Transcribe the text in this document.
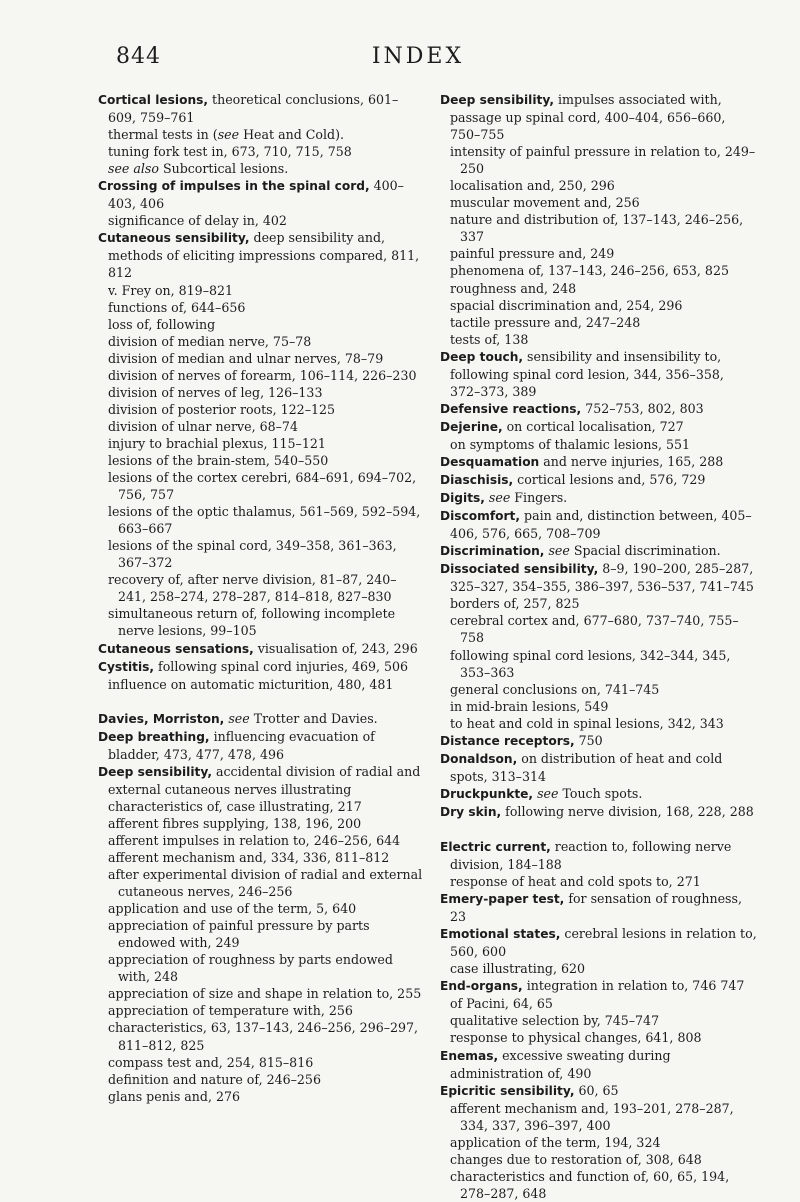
844	INDEX
Cortical lesions, theoretical conclusions, 601–609, 759–761
thermal tests in (see Heat and Cold).
tuning fork test in, 673, 710, 715, 758
see also Subcortical lesions.
Crossing of impulses in the spinal cord, 400–403, 406
significance of delay in, 402
Cutaneous sensibility, deep sensibility and, methods of eliciting impressions compared, 811, 812
v. Frey on, 819–821
functions of, 644–656
loss of, following
division of median nerve, 75–78
division of median and ulnar nerves, 78–79
division of nerves of forearm, 106–114, 226–230
division of nerves of leg, 126–133
division of posterior roots, 122–125
division of ulnar nerve, 68–74
injury to brachial plexus, 115–121
lesions of the brain-stem, 540–550
lesions of the cortex cerebri, 684–691, 694–702, 756, 757
lesions of the optic thalamus, 561–569, 592–594, 663–667
lesions of the spinal cord, 349–358, 361–363, 367–372
recovery of, after nerve division, 81–87, 240–241, 258–274, 278–287, 814–818, 827–830
simultaneous return of, following incomplete nerve lesions, 99–105
Cutaneous sensations, visualisation of, 243, 296
Cystitis, following spinal cord injuries, 469, 506
influence on automatic micturition, 480, 481
Davies, Morriston, see Trotter and Davies.
Deep breathing, influencing evacuation of bladder, 473, 477, 478, 496
Deep sensibility, accidental division of radial and external cutaneous nerves illustrating characteristics of, case illustrating, 217
afferent fibres supplying, 138, 196, 200
afferent impulses in relation to, 246–256, 644
afferent mechanism and, 334, 336, 811–812
after experimental division of radial and external cutaneous nerves, 246–256
application and use of the term, 5, 640
appreciation of painful pressure by parts endowed with, 249
appreciation of roughness by parts endowed with, 248
appreciation of size and shape in relation to, 255
appreciation of temperature with, 256
characteristics, 63, 137–143, 246–256, 296–297, 811–812, 825
compass test and, 254, 815–816
definition and nature of, 246–256
glans penis and, 276
Deep sensibility, impulses associated with, passage up spinal cord, 400–404, 656–660, 750–755
intensity of painful pressure in relation to, 249–250
localisation and, 250, 296
muscular movement and, 256
nature and distribution of, 137–143, 246–256, 337
painful pressure and, 249
phenomena of, 137–143, 246–256, 653, 825
roughness and, 248
spacial discrimination and, 254, 296
tactile pressure and, 247–248
tests of, 138
Deep touch, sensibility and insensibility to, following spinal cord lesion, 344, 356–358, 372–373, 389
Defensive reactions, 752–753, 802, 803
Dejerine, on cortical localisation, 727
on symptoms of thalamic lesions, 551
Desquamation and nerve injuries, 165, 288
Diaschisis, cortical lesions and, 576, 729
Digits, see Fingers.
Discomfort, pain and, distinction between, 405–406, 576, 665, 708–709
Discrimination, see Spacial discrimination.
Dissociated sensibility, 8–9, 190–200, 285–287, 325–327, 354–355, 386–397, 536–537, 741–745
borders of, 257, 825
cerebral cortex and, 677–680, 737–740, 755–758
following spinal cord lesions, 342–344, 345, 353–363
general conclusions on, 741–745
in mid-brain lesions, 549
to heat and cold in spinal lesions, 342, 343
Distance receptors, 750
Donaldson, on distribution of heat and cold spots, 313–314
Druckpunkte, see Touch spots.
Dry skin, following nerve division, 168, 228, 288
Electric current, reaction to, following nerve division, 184–188
response of heat and cold spots to, 271
Emery-paper test, for sensation of roughness, 23
Emotional states, cerebral lesions in relation to, 560, 600
case illustrating, 620
End-organs, integration in relation to, 746 747
of Pacini, 64, 65
qualitative selection by, 745–747
response to physical changes, 641, 808
Enemas, excessive sweating during administration of, 490
Epicritic sensibility, 60, 65
afferent mechanism and, 193–201, 278–287, 334, 337, 396–397, 400
application of the term, 194, 324
changes due to restoration of, 308, 648
characteristics and function of, 60, 65, 194, 278–287, 648
